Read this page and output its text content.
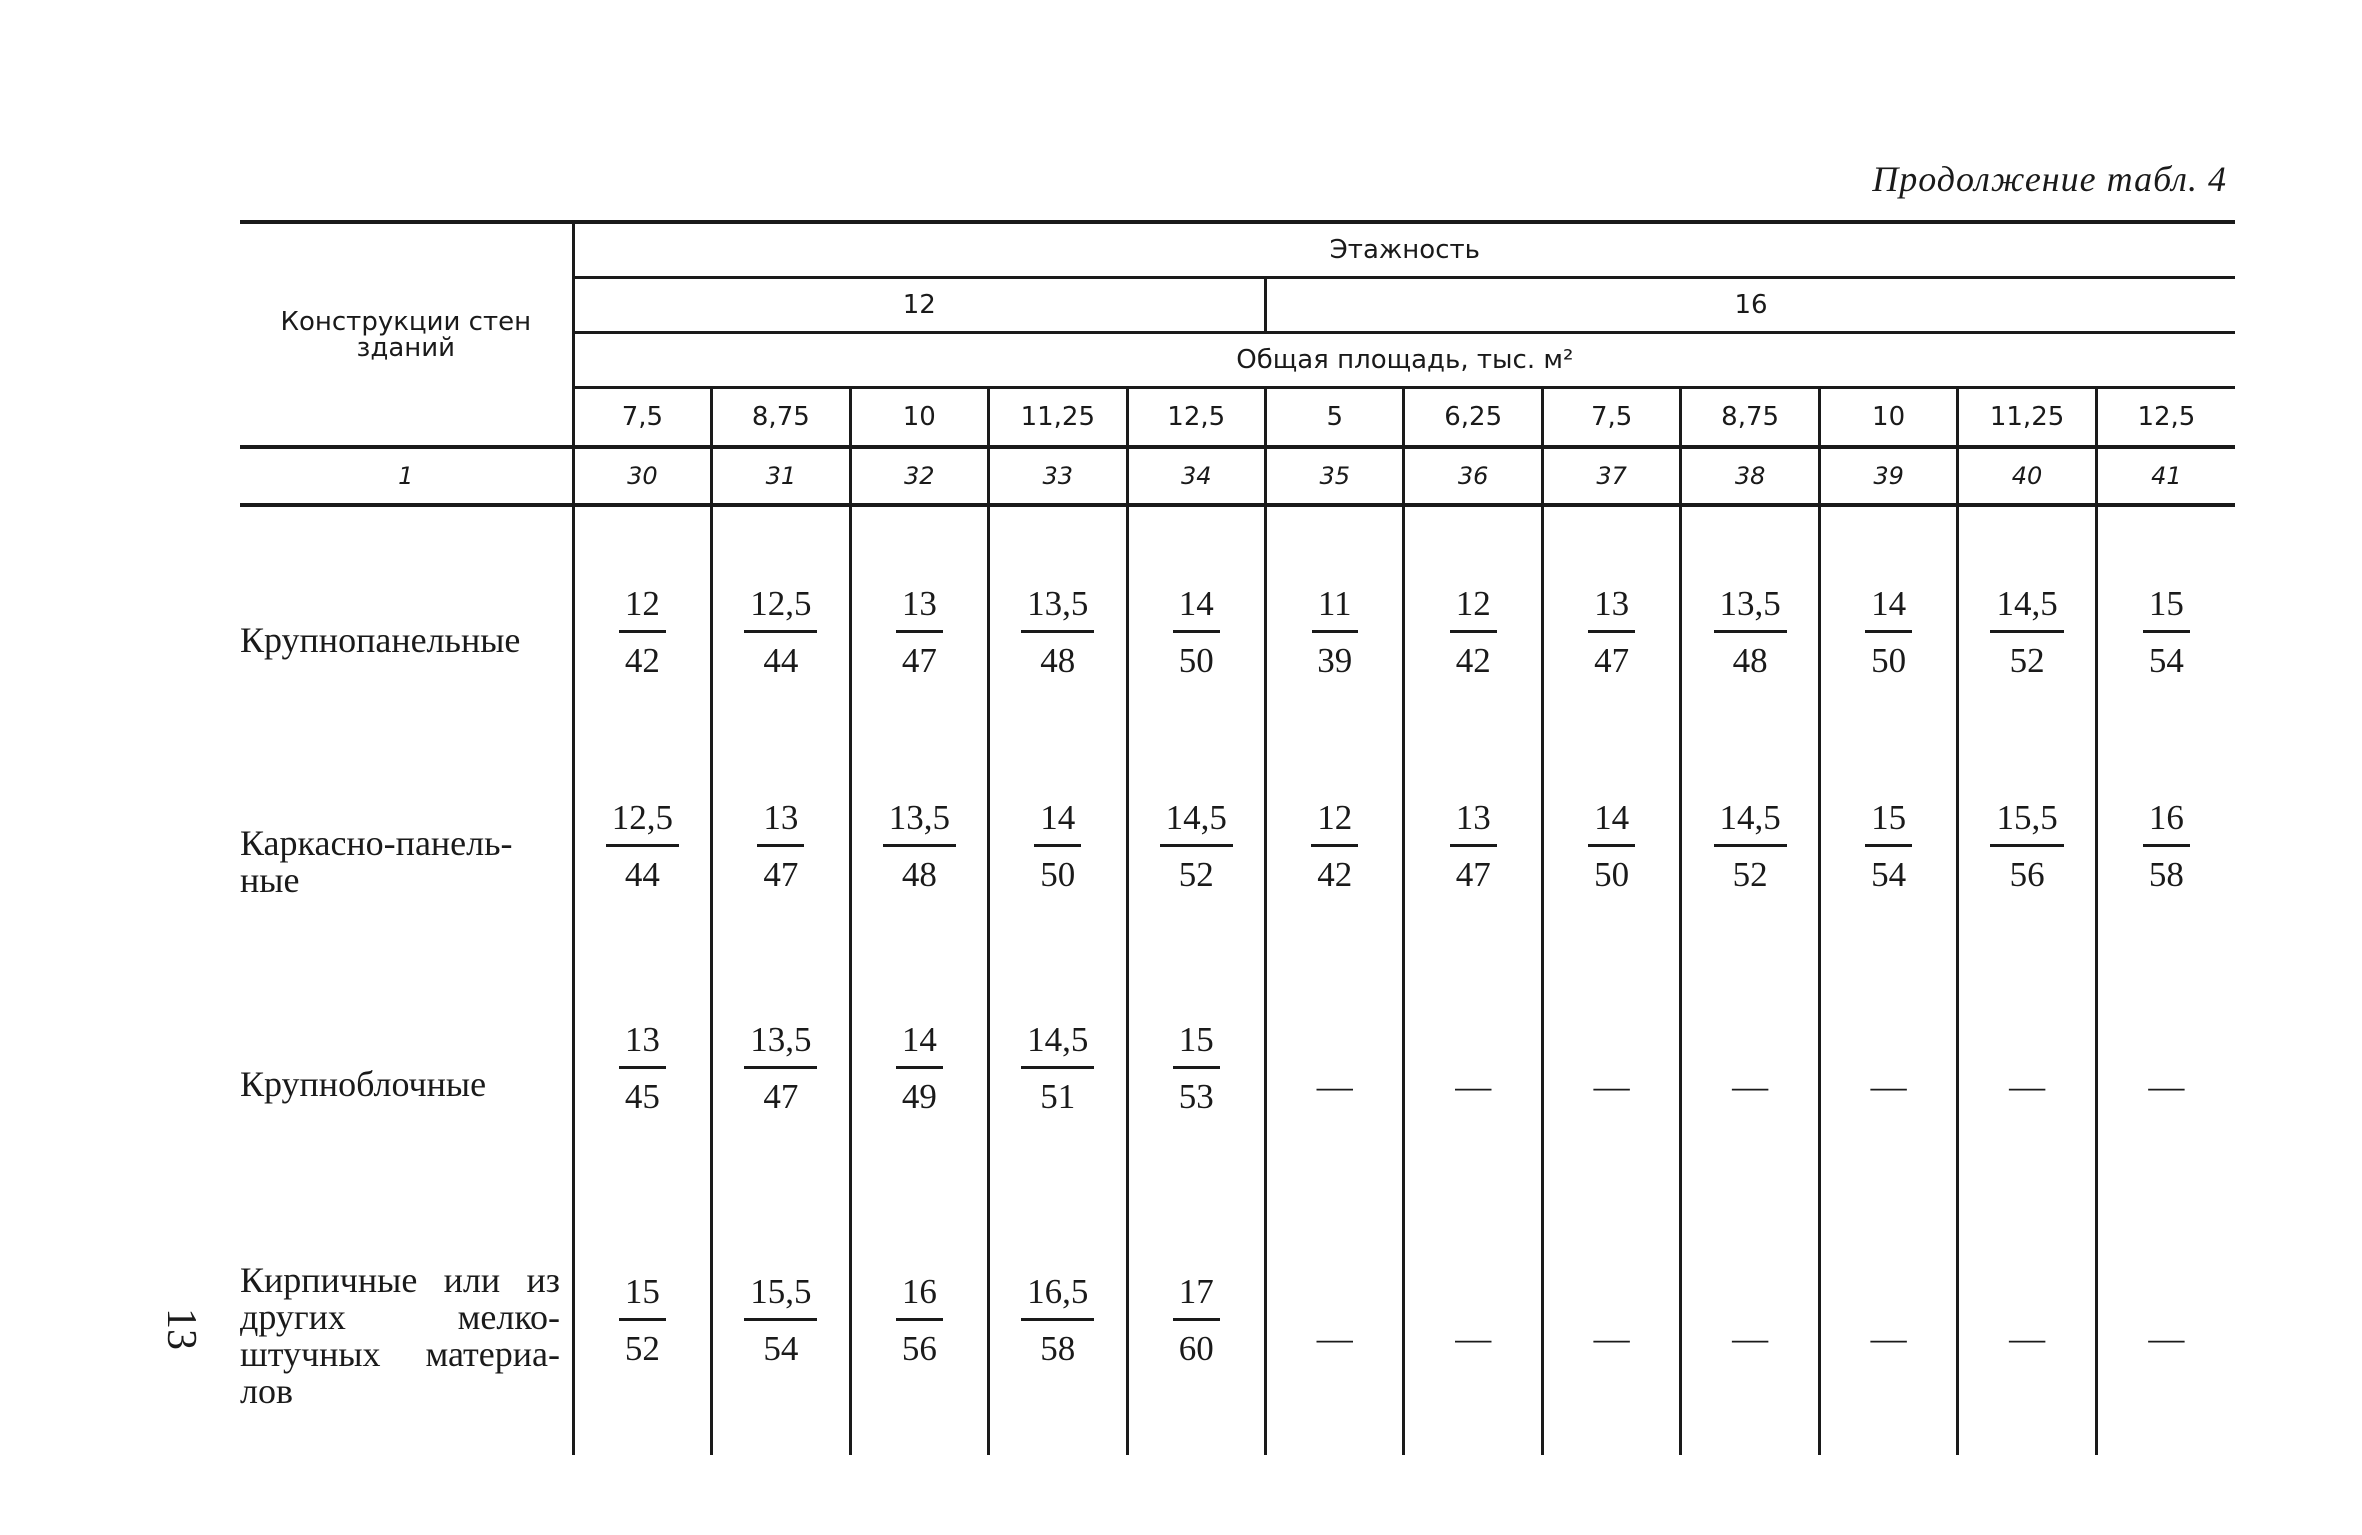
Продолжение табл. 4
13
Конструкции стен зданий	Этажность											
	12					16						
	Общая площадь, тыс. м²											
	7,5	8,75	10	11,25	12,5	5	6,25	7,5	8,75	10	11,25	12,5
1	30	31	32	33	34	35	36	37	38	39	40	41

Крупнопанельные	$\frac{12}{42}$	$\frac{12,5}{44}$	$\frac{13}{47}$	$\frac{13,5}{48}$	$\frac{14}{50}$	$\frac{11}{39}$	$\frac{12}{42}$	$\frac{13}{47}$	$\frac{13,5}{48}$	$\frac{14}{50}$	$\frac{14,5}{52}$	$\frac{15}{54}$

Каркасно-панель-ные	$\frac{12,5}{44}$	$\frac{13}{47}$	$\frac{13,5}{48}$	$\frac{14}{50}$	$\frac{14,5}{52}$	$\frac{12}{42}$	$\frac{13}{47}$	$\frac{14}{50}$	$\frac{14,5}{52}$	$\frac{15}{54}$	$\frac{15,5}{56}$	$\frac{16}{58}$

Крупноблочные	$\frac{13}{45}$	$\frac{13,5}{47}$	$\frac{14}{49}$	$\frac{14,5}{51}$	$\frac{15}{53}$	—	—	—	—	—	—	—

Кирпичные или из других мелко-штучных материа-лов	$\frac{15}{52}$	$\frac{15,5}{54}$	$\frac{16}{56}$	$\frac{16,5}{58}$	$\frac{17}{60}$	—	—	—	—	—	—	—
